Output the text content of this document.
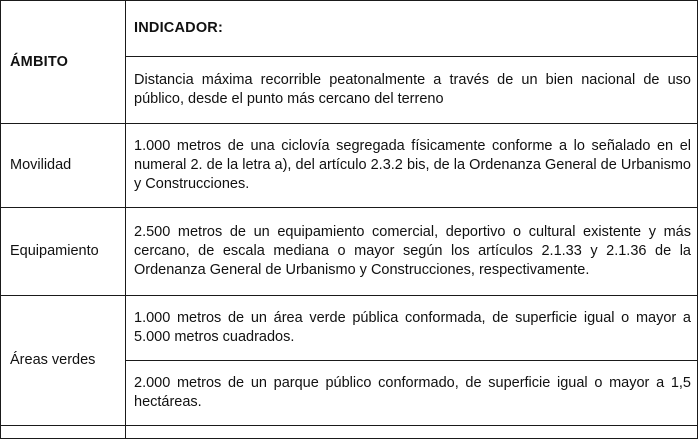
ÁMBITO	INDICADOR:
	Distancia máxima recorrible peatonalmente a través de un bien nacional de uso público, desde el punto más cercano del terreno
Movilidad	1.000 metros de una ciclovía segregada físicamente conforme a lo señalado en el numeral 2. de la letra a), del artículo 2.3.2 bis, de la Ordenanza General de Urbanismo y Construcciones.
Equipamiento	2.500 metros de un equipamiento comercial, deportivo o cultural existente y más cercano, de escala mediana o mayor según los artículos 2.1.33 y 2.1.36 de la Ordenanza General de Urbanismo y Construcciones, respectivamente.
Áreas verdes	1.000 metros de un área verde pública conformada, de superficie igual o mayor a 5.000 metros cuadrados.
	2.000 metros de un parque público conformado, de superficie igual o mayor a 1,5 hectáreas.
